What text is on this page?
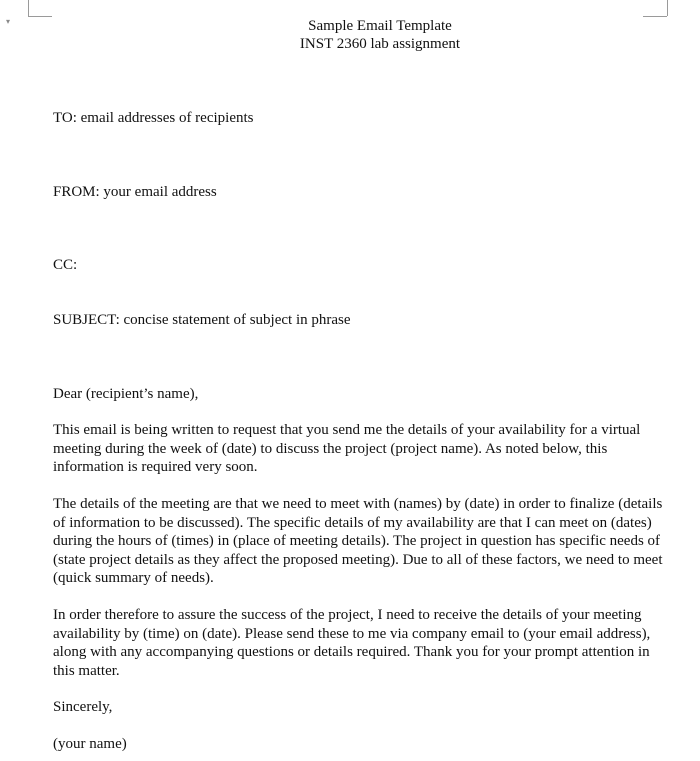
▾	Sample Email Template
INST 2360 lab assignment
TO: email addresses of recipients
FROM: your email address
CC:
SUBJECT: concise statement of subject in phrase
Dear (recipient’s name),

This email is being written to request that you send me the details of your availability for a virtual meeting during the week of (date) to discuss the project (project name). As noted below, this information is required very soon.

The details of the meeting are that we need to meet with (names) by (date) in order to finalize (details of information to be discussed). The specific details of my availability are that I can meet on (dates) during the hours of (times) in (place of meeting details). The project in question has specific needs of (state project details as they affect the proposed meeting). Due to all of these factors, we need to meet (quick summary of needs).

In order therefore to assure the success of the project, I need to receive the details of your meeting availability by (time) on (date). Please send these to me via company email to (your email address), along with any accompanying questions or details required. Thank you for your prompt attention in this matter.

Sincerely,
(your name)
